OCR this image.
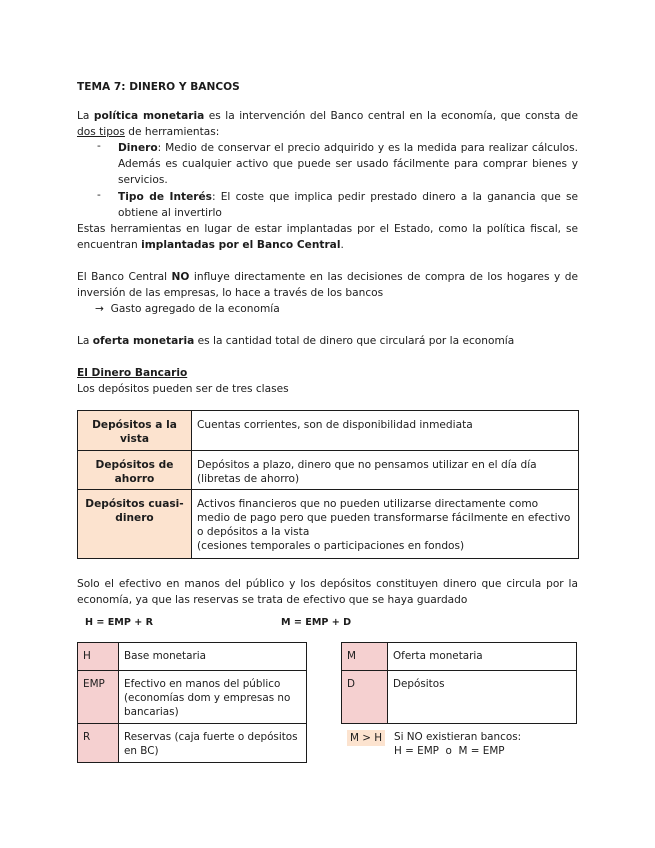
TEMA 7: DINERO Y BANCOS

La política monetaria es la intervención del Banco central en la economía, que consta de dos tipos de herramientas:

- Dinero: Medio de conservar el precio adquirido y es la medida para realizar cálculos. Además es cualquier activo que puede ser usado fácilmente para comprar bienes y servicios.

- Tipo de Interés: El coste que implica pedir prestado dinero a la ganancia que se obtiene al invertirlo

Estas herramientas en lugar de estar implantadas por el Estado, como la política fiscal, se encuentran implantadas por el Banco Central.

El Banco Central NO influye directamente en las decisiones de compra de los hogares y de inversión de las empresas, lo hace a través de los bancos

→ Gasto agregado de la economía

La oferta monetaria es la cantidad total de dinero que circulará por la economía

El Dinero Bancario

Los depósitos pueden ser de tres clases

Depósitos a la vista	Cuentas corrientes, son de disponibilidad inmediata
Depósitos de ahorro	Depósitos a plazo, dinero que no pensamos utilizar en el día día (libretas de ahorro)
Depósitos cuasi-dinero	Activos financieros que no pueden utilizarse directamente como medio de pago pero que pueden transformarse fácilmente en efectivo o depósitos a la vista
(cesiones temporales o participaciones en fondos)

Solo el efectivo en manos del público y los depósitos constituyen dinero que circula por la economía, ya que las reservas se trata de efectivo que se haya guardado

H = EMP + R	M = EMP + D
H	Base monetaria
EMP	Efectivo en manos del público (economías dom y empresas no bancarias)
R	Reservas (caja fuerte o depósitos en BC)
M	Oferta monetaria
D	Depósitos
M > H Si NO existieran bancos:
H = EMP  o  M = EMP
